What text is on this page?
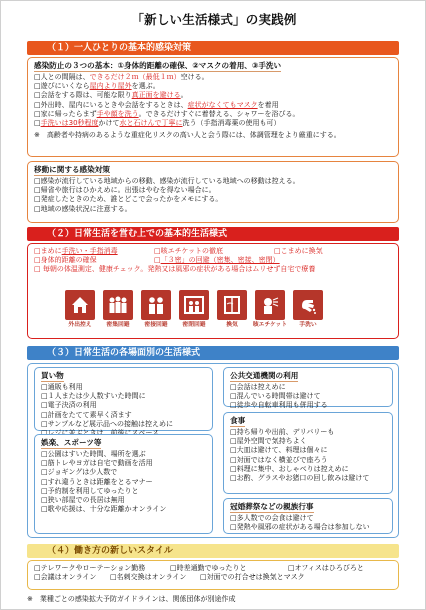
「新しい生活様式」の実践例
（１）一人ひとりの基本的感染対策
感染防止の３つの基本：①身体的距離の確保、②マスクの着用、③手洗い
□人との間隔は、できるだけ２ｍ（最低１ｍ）空ける。
□遊びにいくなら屋内より屋外を選ぶ。
□会話をする際は、可能な限り真正面を避ける。
□外出時、屋内にいるときや会話をするときは、症状がなくてもマスクを着用
□家に帰ったらまず手や顔を洗う。できるだけすぐに着替える、シャワーを浴びる。
□手洗いは30秒程度かけて水と石けんで丁寧に洗う（手指消毒薬の使用も可）
※　高齢者や持病のあるような重症化リスクの高い人と会う際には、体調管理をより厳重にする。
移動に関する感染対策
□感染が流行している地域からの移動、感染が流行している地域への移動は控える。
□帰省や旅行はひかえめに。出張はやむを得ない場合に。
□発症したときのため、誰とどこで会ったかをメモにする。
□地域の感染状況に注意する。
（２）日常生活を営む上での基本的生活様式
□まめに手洗い・手指消毒	□咳エチケットの徹底	□こまめに換気
□身体的距離の確保	□「３密」の回避（密集、密接、密閉）
□ 毎朝の体温測定、健康チェック。発熱又は風邪の症状がある場合はムリせず自宅で療養
外出控え	密集回避	密接回避	密閉回避	換気	咳エチケット 手洗い
（３）日常生活の各場面別の生活様式
買い物
□通販も利用
□１人または少人数すいた時間に
□電子決済の利用
□計画をたてて素早く済ます
□サンプルなど展示品への接触は控えめに
娯楽、スポーツ等
□公園はすいた時間、場所を選ぶ
□筋トレやヨガは自宅で動画を活用
□ジョギングは少人数で
□すれ違うときは距離をとるマナー
□予約制を利用してゆったりと
□狭い部屋での長居は無用
□歌や応援は、十分な距離かオンライン
公共交通機関の利用
□会話は控えめに
□混んでいる時間帯は避けて
□徒歩や自転車利用も併用する
食事
□持ち帰りや出前、デリバリーも
□屋外空間で気持ちよく
□大皿は避けて、料理は個々に
□対面ではなく横並びで座ろう
□料理に集中、おしゃべりは控えめに
□お酌、グラスやお猪口の回し飲みは避けて
冠婚葬祭などの親族行事
□多人数での会食は避けて
□発熱や風邪の症状がある場合は参加しない
（４）働き方の新しいスタイル
□テレワークやローテーション勤務	□時差通勤でゆったりと	□オフィスはひろびろと
□会議はオンライン □名刺交換はオンライン □対面での打合せは換気とマスク
※　業種ごとの感染拡大予防ガイドラインは、関係団体が別途作成
